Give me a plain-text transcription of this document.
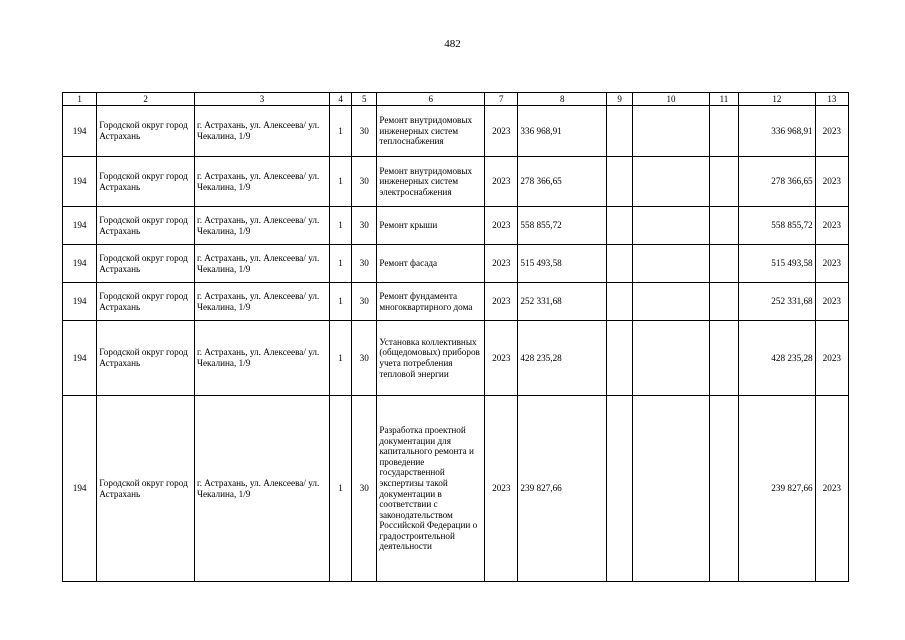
482
1	2	3	4	5	6	7	8	9	10	11	12	13
194	Городской округ город Астрахань	г. Астрахань, ул. Алексеева/ ул. Чекалина, 1/9	1	30	Ремонт внутридомовых инженерных систем теплоснабжения	2023	336 968,91				336 968,91	2023
194	Городской округ город Астрахань	г. Астрахань, ул. Алексеева/ ул. Чекалина, 1/9	1	30	Ремонт внутридомовых инженерных систем электроснабжения	2023	278 366,65				278 366,65	2023
194	Городской округ город Астрахань	г. Астрахань, ул. Алексеева/ ул. Чекалина, 1/9	1	30	Ремонт крыши	2023	558 855,72				558 855,72	2023
194	Городской округ город Астрахань	г. Астрахань, ул. Алексеева/ ул. Чекалина, 1/9	1	30	Ремонт фасада	2023	515 493,58				515 493,58	2023
194	Городской округ город Астрахань	г. Астрахань, ул. Алексеева/ ул. Чекалина, 1/9	1	30	Ремонт фундамента многоквартирного дома	2023	252 331,68				252 331,68	2023
194	Городской округ город Астрахань	г. Астрахань, ул. Алексеева/ ул. Чекалина, 1/9	1	30	Установка коллективных (общедомовых) приборов учета потребления тепловой энергии	2023	428 235,28				428 235,28	2023
194	Городской округ город Астрахань	г. Астрахань, ул. Алексеева/ ул. Чекалина, 1/9	1	30	Разработка проектной документации для капитального ремонта и проведение государственной экспертизы такой документации в соответствии с законодательством Российской Федерации о градостроительной деятельности	2023	239 827,66				239 827,66	2023
